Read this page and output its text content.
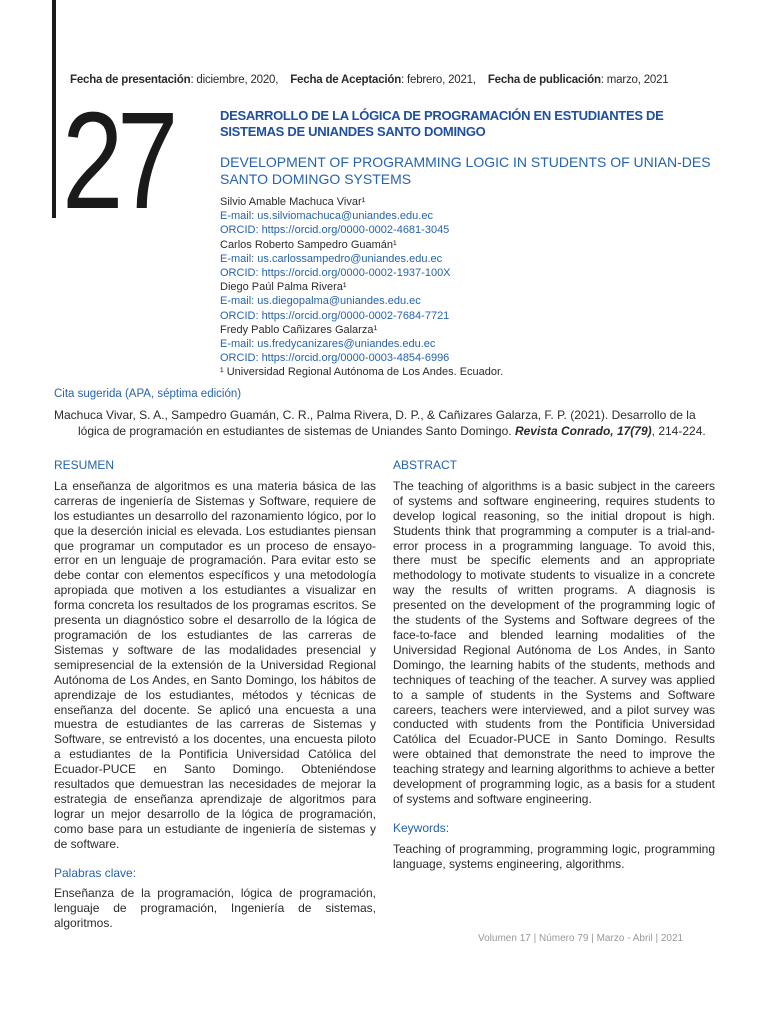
Fecha de presentación: diciembre, 2020, Fecha de Aceptación: febrero, 2021, Fecha de publicación: marzo, 2021
27	DESARROLLO DE LA LÓGICA DE PROGRAMACIÓN EN ESTUDIANTES DE SISTEMAS DE UNIANDES SANTO DOMINGO
DEVELOPMENT OF PROGRAMMING LOGIC IN STUDENTS OF UNIAN-DES SANTO DOMINGO SYSTEMS
Silvio Amable Machuca Vivar¹
E-mail: us.silviomachuca@uniandes.edu.ec
ORCID: https://orcid.org/0000-0002-4681-3045
Carlos Roberto Sampedro Guamán¹
E-mail: us.carlossampedro@uniandes.edu.ec
ORCID: https://orcid.org/0000-0002-1937-100X
Diego Paúl Palma Rivera¹
E-mail: us.diegopalma@uniandes.edu.ec
ORCID: https://orcid.org/0000-0002-7684-7721
Fredy Pablo Cañizares Galarza¹
E-mail: us.fredycanizares@uniandes.edu.ec
ORCID: https://orcid.org/0000-0003-4854-6996
¹ Universidad Regional Autónoma de Los Andes. Ecuador.
Cita sugerida (APA, séptima edición)
Machuca Vivar, S. A., Sampedro Guamán, C. R., Palma Rivera, D. P., & Cañizares Galarza, F. P. (2021). Desarrollo de la lógica de programación en estudiantes de sistemas de Uniandes Santo Domingo. Revista Conrado, 17(79), 214-224.
RESUMEN

La enseñanza de algoritmos es una materia básica de las carreras de ingeniería de Sistemas y Software, requiere de los estudiantes un desarrollo del razonamiento lógico, por lo que la deserción inicial es elevada. Los estudiantes piensan que programar un computador es un proceso de ensayo-error en un lenguaje de programación. Para evitar esto se debe contar con elementos específicos y una metodología apropiada que motiven a los estudiantes a visualizar en forma concreta los resultados de los programas escritos. Se presenta un diagnóstico sobre el desarrollo de la lógica de programación de los estudiantes de las carreras de Sistemas y software de las modalidades presencial y semipresencial de la extensión de la Universidad Regional Autónoma de Los Andes, en Santo Domingo, los hábitos de aprendizaje de los estudiantes, métodos y técnicas de enseñanza del docente. Se aplicó una encuesta a una muestra de estudiantes de las carreras de Sistemas y Software, se entrevistó a los docentes, una encuesta piloto a estudiantes de la Pontificia Universidad Católica del Ecuador-PUCE en Santo Domingo. Obteniéndose resultados que demuestran las necesidades de mejorar la estrategia de enseñanza aprendizaje de algoritmos para lograr un mejor desarrollo de la lógica de programación, como base para un estudiante de ingeniería de sistemas y de software.

Palabras clave:

Enseñanza de la programación, lógica de programación, lenguaje de programación, Ingeniería de sistemas, algoritmos.

ABSTRACT

The teaching of algorithms is a basic subject in the careers of systems and software engineering, requires students to develop logical reasoning, so the initial dropout is high. Students think that programming a computer is a trial-and-error process in a programming language. To avoid this, there must be specific elements and an appropriate methodology to motivate students to visualize in a concrete way the results of written programs. A diagnosis is presented on the development of the programming logic of the students of the Systems and Software degrees of the face-to-face and blended learning modalities of the Universidad Regional Autónoma de Los Andes, in Santo Domingo, the learning habits of the students, methods and techniques of teaching of the teacher. A survey was applied to a sample of students in the Systems and Software careers, teachers were interviewed, and a pilot survey was conducted with students from the Pontificia Universidad Católica del Ecuador-PUCE in Santo Domingo. Results were obtained that demonstrate the need to improve the teaching strategy and learning algorithms to achieve a better development of programming logic, as a basis for a student of systems and software engineering.

Keywords:

Teaching of programming, programming logic, programming language, systems engineering, algorithms.

Volumen 17 | Número 79 | Marzo - Abril | 2021
